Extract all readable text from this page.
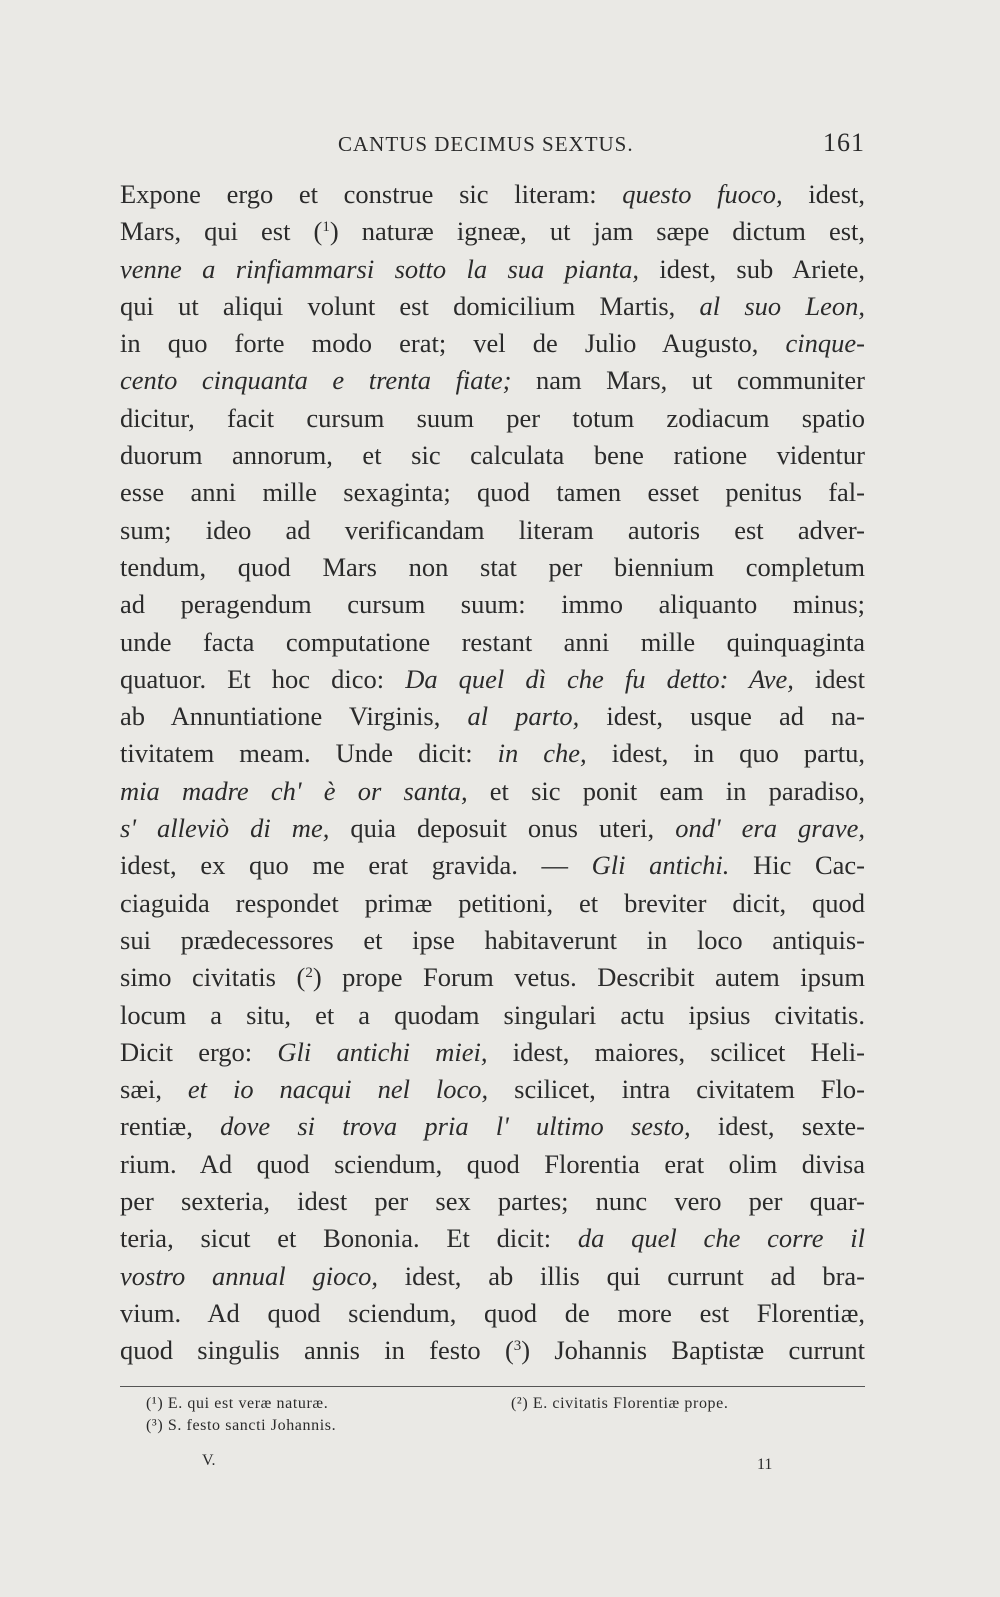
CANTUS DECIMUS SEXTUS.	161
Expone ergo et construe sic literam: questo fuoco, idest,
Mars, qui est ($^1$) naturæ igneæ, ut jam sæpe dictum est,
venne a rinfiammarsi sotto la sua pianta, idest, sub Ariete,
qui ut aliqui volunt est domicilium Martis, al suo Leon,
in quo forte modo erat; vel de Julio Augusto, cinque-
cento cinquanta e trenta fiate; nam Mars, ut communiter
dicitur, facit cursum suum per totum zodiacum spatio
duorum annorum, et sic calculata bene ratione videntur
esse anni mille sexaginta; quod tamen esset penitus fal-
sum; ideo ad verificandam literam autoris est adver-
tendum, quod Mars non stat per biennium completum
ad peragendum cursum suum: immo aliquanto minus;
unde facta computatione restant anni mille quinquaginta
quatuor. Et hoc dico: Da quel dì che fu detto: Ave, idest
ab Annuntiatione Virginis, al parto, idest, usque ad na-
tivitatem meam. Unde dicit: in che, idest, in quo partu,
mia madre ch' è or santa, et sic ponit eam in paradiso,
s' alleviò di me, quia deposuit onus uteri, ond' era grave,
idest, ex quo me erat gravida. — Gli antichi. Hic Cac-
ciaguida respondet primæ petitioni, et breviter dicit, quod
sui prædecessores et ipse habitaverunt in loco antiquis-
simo civitatis ($^2$) prope Forum vetus. Describit autem ipsum
locum a situ, et a quodam singulari actu ipsius civitatis.
Dicit ergo: Gli antichi miei, idest, maiores, scilicet Heli-
sæi, et io nacqui nel loco, scilicet, intra civitatem Flo-
rentiæ, dove si trova pria l' ultimo sesto, idest, sexte-
rium. Ad quod sciendum, quod Florentia erat olim divisa
per sexteria, idest per sex partes; nunc vero per quar-
teria, sicut et Bononia. Et dicit: da quel che corre il
vostro annual gioco, idest, ab illis qui currunt ad bra-
vium. Ad quod sciendum, quod de more est Florentiæ,
quod singulis annis in festo ($^3$) Johannis Baptistæ currunt
(¹) E. qui est veræ naturæ.	(²) E. civitatis Florentiæ prope.
(³) S. festo sancti Johannis.
V.	11
